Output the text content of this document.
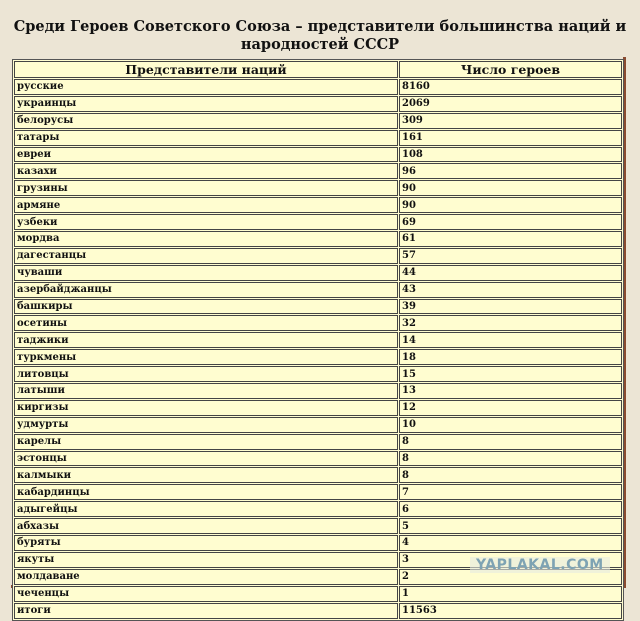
Среди Героев Советского Союза – представители большинства наций и народностей СССР
Представители наций	Число героев
русские	8160
украинцы	2069
белорусы	309
татары	161
евреи	108
казахи	96
грузины	90
армяне	90
узбеки	69
мордва	61
дагестанцы	57
чуваши	44
азербайджанцы	43
башкиры	39
осетины	32
таджики	14
туркмены	18
литовцы	15
латыши	13
киргизы	12
удмурты	10
карелы	8
эстонцы	8
калмыки	8
кабардинцы	7
адыгейцы	6
абхазы	5
буряты	4
якуты	3
молдаване	2
чеченцы	1
итоги	11563
YAPLAKAL.COM
